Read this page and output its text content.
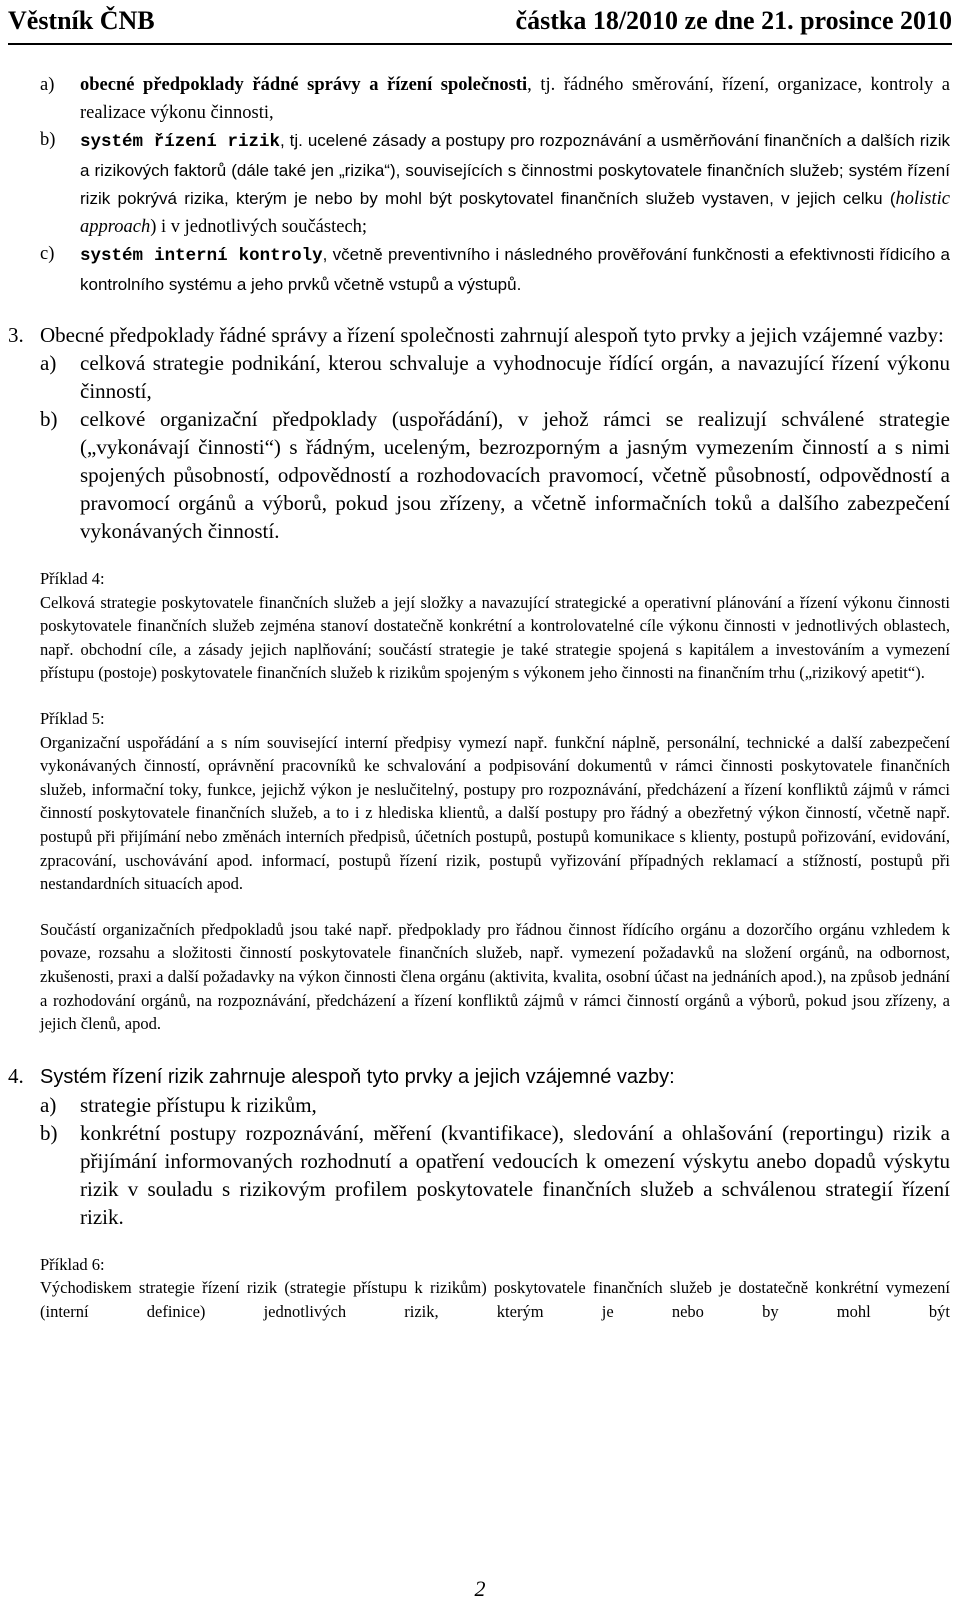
Věstník ČNB	částka 18/2010 ze dne 21. prosince 2010

a) obecné předpoklady řádné správy a řízení společnosti, tj. řádného směrování, řízení, organizace, kontroly a realizace výkonu činnosti,

b) systém řízení rizik, tj. ucelené zásady a postupy pro rozpoznávání a usměrňování finančních a dalších rizik a rizikových faktorů (dále také jen „rizika“), souvisejících s činnostmi poskytovatele finančních služeb; systém řízení rizik pokrývá rizika, kterým je nebo by mohl být poskytovatel finančních služeb vystaven, v jejich celku (holistic approach) i v jednotlivých součástech;

c) systém interní kontroly, včetně preventivního i následného prověřování funkčnosti a efektivnosti řídicího a kontrolního systému a jeho prvků včetně vstupů a výstupů.

3. Obecné předpoklady řádné správy a řízení společnosti zahrnují alespoň tyto prvky a jejich vzájemné vazby:

a) celková strategie podnikání, kterou schvaluje a vyhodnocuje řídící orgán, a navazující řízení výkonu činností,

b) celkové organizační předpoklady (uspořádání), v jehož rámci se realizují schválené strategie („vykonávají činnosti“) s řádným, uceleným, bezrozporným a jasným vymezením činností a s nimi spojených působností, odpovědností a rozhodovacích pravomocí, včetně působností, odpovědností a pravomocí orgánů a výborů, pokud jsou zřízeny, a včetně informačních toků a dalšího zabezpečení vykonávaných činností.

Příklad 4:

Celková strategie poskytovatele finančních služeb a její složky a navazující strategické a operativní plánování a řízení výkonu činnosti poskytovatele finančních služeb zejména stanoví dostatečně konkrétní a kontrolovatelné cíle výkonu činnosti v jednotlivých oblastech, např. obchodní cíle, a zásady jejich naplňování; součástí strategie je také strategie spojená s kapitálem a investováním a vymezení přístupu (postoje) poskytovatele finančních služeb k rizikům spojeným s výkonem jeho činnosti na finančním trhu („rizikový apetit“).

Příklad 5:

Organizační uspořádání a s ním související interní předpisy vymezí např. funkční náplně, personální, technické a další zabezpečení vykonávaných činností, oprávnění pracovníků ke schvalování a podpisování dokumentů v rámci činnosti poskytovatele finančních služeb, informační toky, funkce, jejichž výkon je neslučitelný, postupy pro rozpoznávání, předcházení a řízení konfliktů zájmů v rámci činností poskytovatele finančních služeb, a to i z hlediska klientů, a další postupy pro řádný a obezřetný výkon činností, včetně např. postupů při přijímání nebo změnách interních předpisů, účetních postupů, postupů komunikace s klienty, postupů pořizování, evidování, zpracování, uschovávání apod. informací, postupů řízení rizik, postupů vyřizování případných reklamací a stížností, postupů při nestandardních situacích apod.

Součástí organizačních předpokladů jsou také např. předpoklady pro řádnou činnost řídícího orgánu a dozorčího orgánu vzhledem k povaze, rozsahu a složitosti činností poskytovatele finančních služeb, např. vymezení požadavků na složení orgánů, na odbornost, zkušenosti, praxi a další požadavky na výkon činnosti člena orgánu (aktivita, kvalita, osobní účast na jednáních apod.), na způsob jednání a rozhodování orgánů, na rozpoznávání, předcházení a řízení konfliktů zájmů v rámci činností orgánů a výborů, pokud jsou zřízeny, a jejich členů, apod.

4. Systém řízení rizik zahrnuje alespoň tyto prvky a jejich vzájemné vazby:

a) strategie přístupu k rizikům,

b) konkrétní postupy rozpoznávání, měření (kvantifikace), sledování a ohlašování (reportingu) rizik a přijímání informovaných rozhodnutí a opatření vedoucích k omezení výskytu anebo dopadů výskytu rizik v souladu s rizikovým profilem poskytovatele finančních služeb a schválenou strategií řízení rizik.

Příklad 6:

Východiskem strategie řízení rizik (strategie přístupu k rizikům) poskytovatele finančních služeb je dostatečně konkrétní vymezení (interní definice) jednotlivých rizik, kterým je nebo by mohl být

2
